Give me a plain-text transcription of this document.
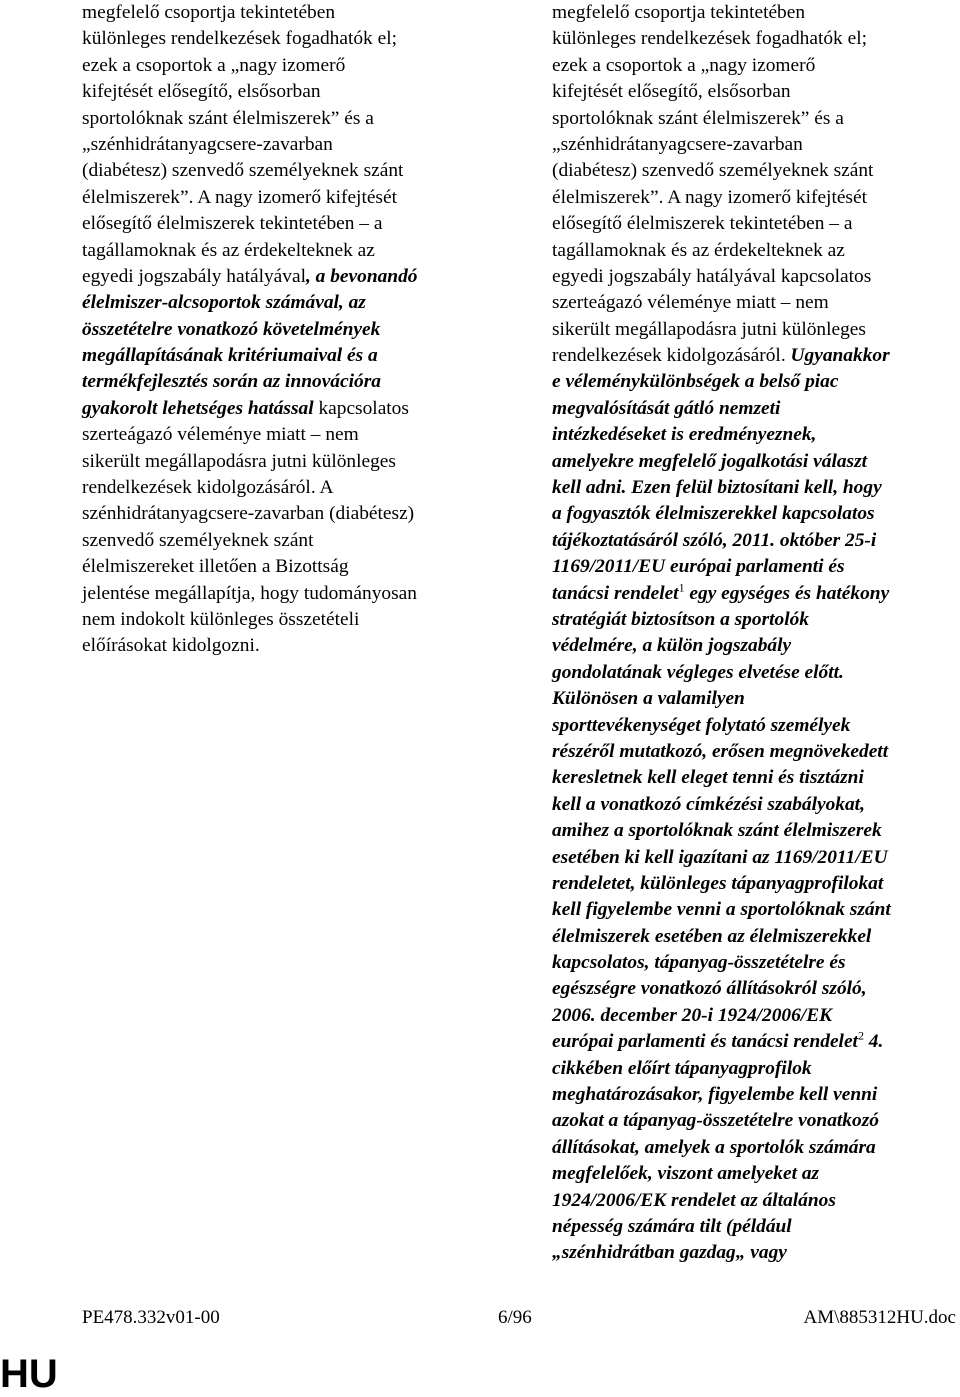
megfelelő csoportja tekintetében
különleges rendelkezések fogadhatók el;
ezek a csoportok a „nagy izomerő
kifejtését elősegítő, elsősorban
sportolóknak szánt élelmiszerek” és a
„szénhidrátanyagcsere-zavarban
(diabétesz) szenvedő személyeknek szánt
élelmiszerek”. A nagy izomerő kifejtését
elősegítő élelmiszerek tekintetében – a
tagállamoknak és az érdekelteknek az
egyedi jogszabály hatályával, a bevonandó
élelmiszer-alcsoportok számával, az
összetételre vonatkozó követelmények
megállapításának kritériumaival és a
termékfejlesztés során az innovációra
gyakorolt lehetséges hatással kapcsolatos
szerteágazó véleménye miatt – nem
sikerült megállapodásra jutni különleges
rendelkezések kidolgozásáról. A
szénhidrátanyagcsere-zavarban (diabétesz)
szenvedő személyeknek szánt
élelmiszereket illetően a Bizottság
jelentése megállapítja, hogy tudományosan
nem indokolt különleges összetételi
előírásokat kidolgozni.
megfelelő csoportja tekintetében
különleges rendelkezések fogadhatók el;
ezek a csoportok a „nagy izomerő
kifejtését elősegítő, elsősorban
sportolóknak szánt élelmiszerek” és a
„szénhidrátanyagcsere-zavarban
(diabétesz) szenvedő személyeknek szánt
élelmiszerek”. A nagy izomerő kifejtését
elősegítő élelmiszerek tekintetében – a
tagállamoknak és az érdekelteknek az
egyedi jogszabály hatályával kapcsolatos
szerteágazó véleménye miatt – nem
sikerült megállapodásra jutni különleges
rendelkezések kidolgozásáról. Ugyanakkor
e véleménykülönbségek a belső piac
megvalósítását gátló nemzeti
intézkedéseket is eredményeznek,
amelyekre megfelelő jogalkotási választ
kell adni. Ezen felül biztosítani kell, hogy
a fogyasztók élelmiszerekkel kapcsolatos
tájékoztatásáról szóló, 2011. október 25-i
1169/2011/EU európai parlamenti és
tanácsi rendelet$^1$ egy egységes és hatékony
stratégiát biztosítson a sportolók
védelmére, a külön jogszabály
gondolatának végleges elvetése előtt.
Különösen a valamilyen
sporttevékenységet folytató személyek
részéről mutatkozó, erősen megnövekedett
keresletnek kell eleget tenni és tisztázni
kell a vonatkozó címkézési szabályokat,
amihez a sportolóknak szánt élelmiszerek
esetében ki kell igazítani az 1169/2011/EU
rendeletet, különleges tápanyagprofilokat
kell figyelembe venni a sportolóknak szánt
élelmiszerek esetében az élelmiszerekkel
kapcsolatos, tápanyag-összetételre és
egészségre vonatkozó állításokról szóló,
2006. december 20-i 1924/2006/EK
európai parlamenti és tanácsi rendelet$^2$ 4.
cikkében előírt tápanyagprofilok
meghatározásakor, figyelembe kell venni
azokat a tápanyag-összetételre vonatkozó
állításokat, amelyek a sportolók számára
megfelelőek, viszont amelyeket az
1924/2006/EK rendelet az általános
népesség számára tilt (például
„szénhidrátban gazdag„ vagy
PE478.332v01-00	6/96	AM\885312HU.doc
HU
